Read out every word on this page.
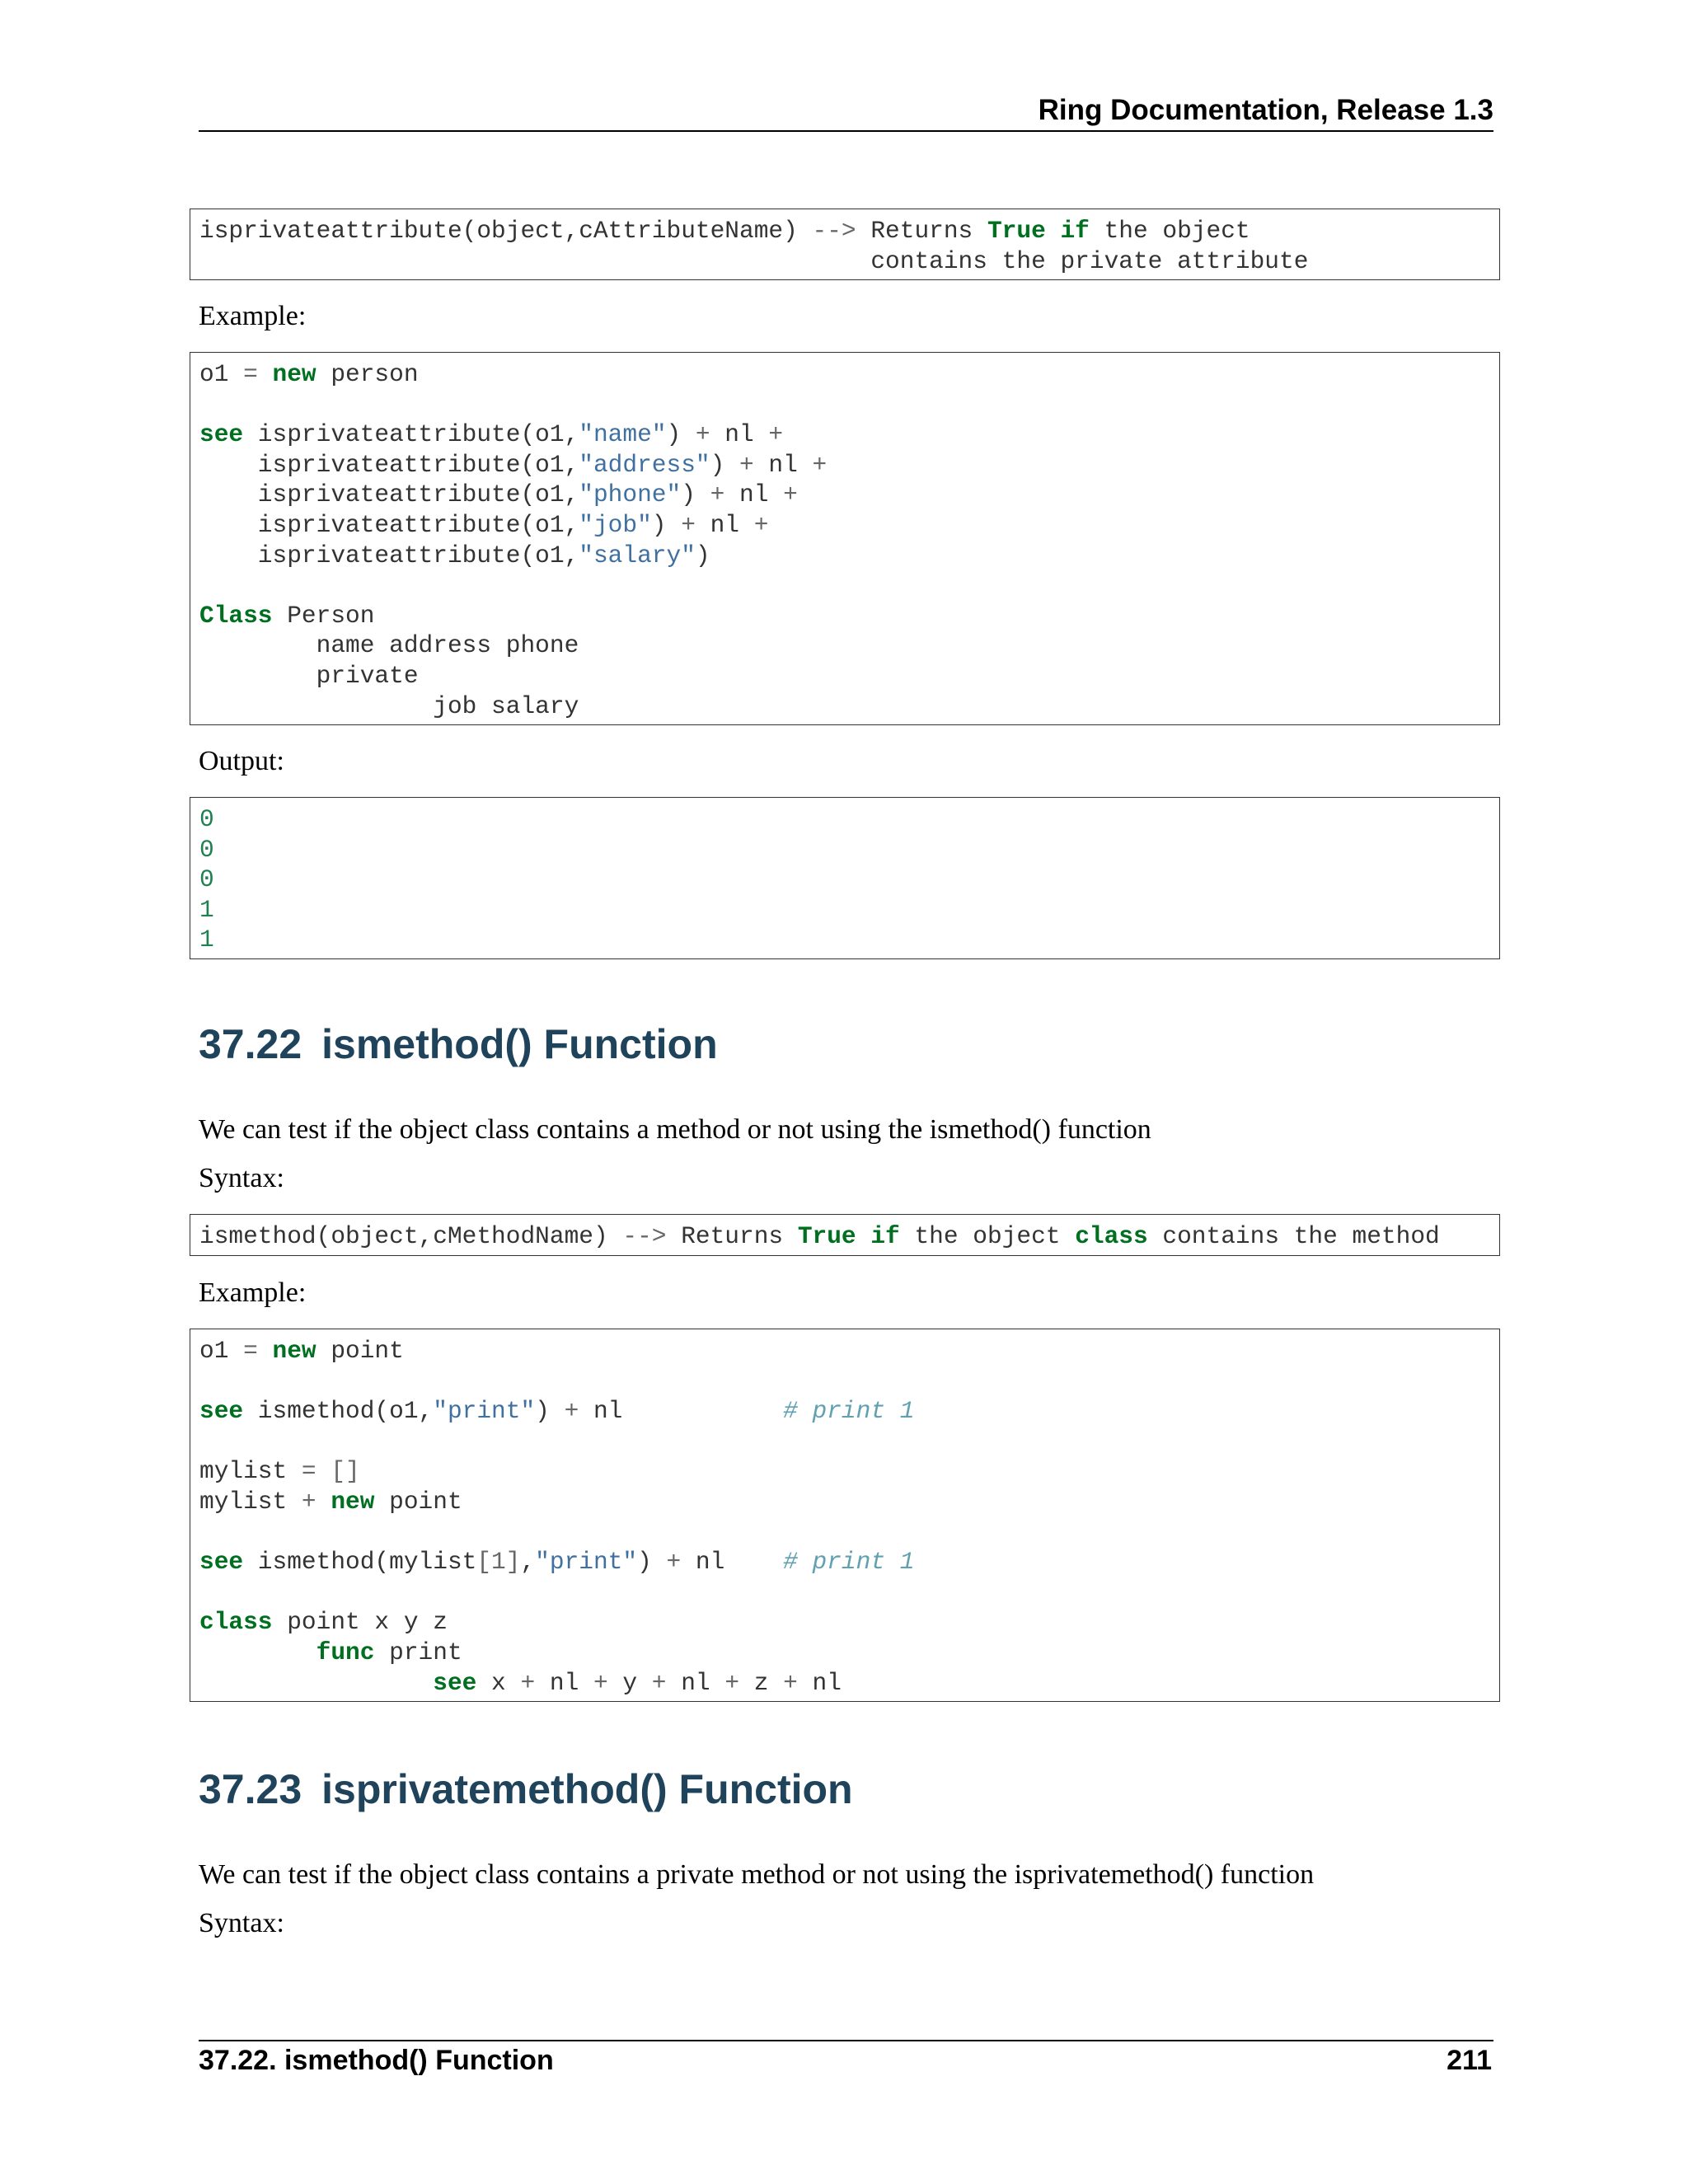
Ring Documentation, Release 1.3
isprivateattribute(object,cAttributeName) --> Returns True if the object
contains the private attribute
Example:
o1 = new person

see isprivateattribute(o1,"name") + nl +
isprivateattribute(o1,"address") + nl +
isprivateattribute(o1,"phone") + nl +
isprivateattribute(o1,"job") + nl +
isprivateattribute(o1,"salary")

Class Person
name address phone
private
job salary
Output:
0
0
0
1
1
37.22 ismethod() Function
We can test if the object class contains a method or not using the ismethod() function
Syntax:
ismethod(object,cMethodName) --> Returns True if the object class contains the method
Example:
o1 = new point

see ismethod(o1,"print") + nl           # print 1

mylist = []
mylist + new point

see ismethod(mylist[1],"print") + nl    # print 1

class point x y z
func print
see x + nl + y + nl + z + nl
37.23 isprivatemethod() Function
We can test if the object class contains a private method or not using the isprivatemethod() function
Syntax:
37.22. ismethod() Function	211
